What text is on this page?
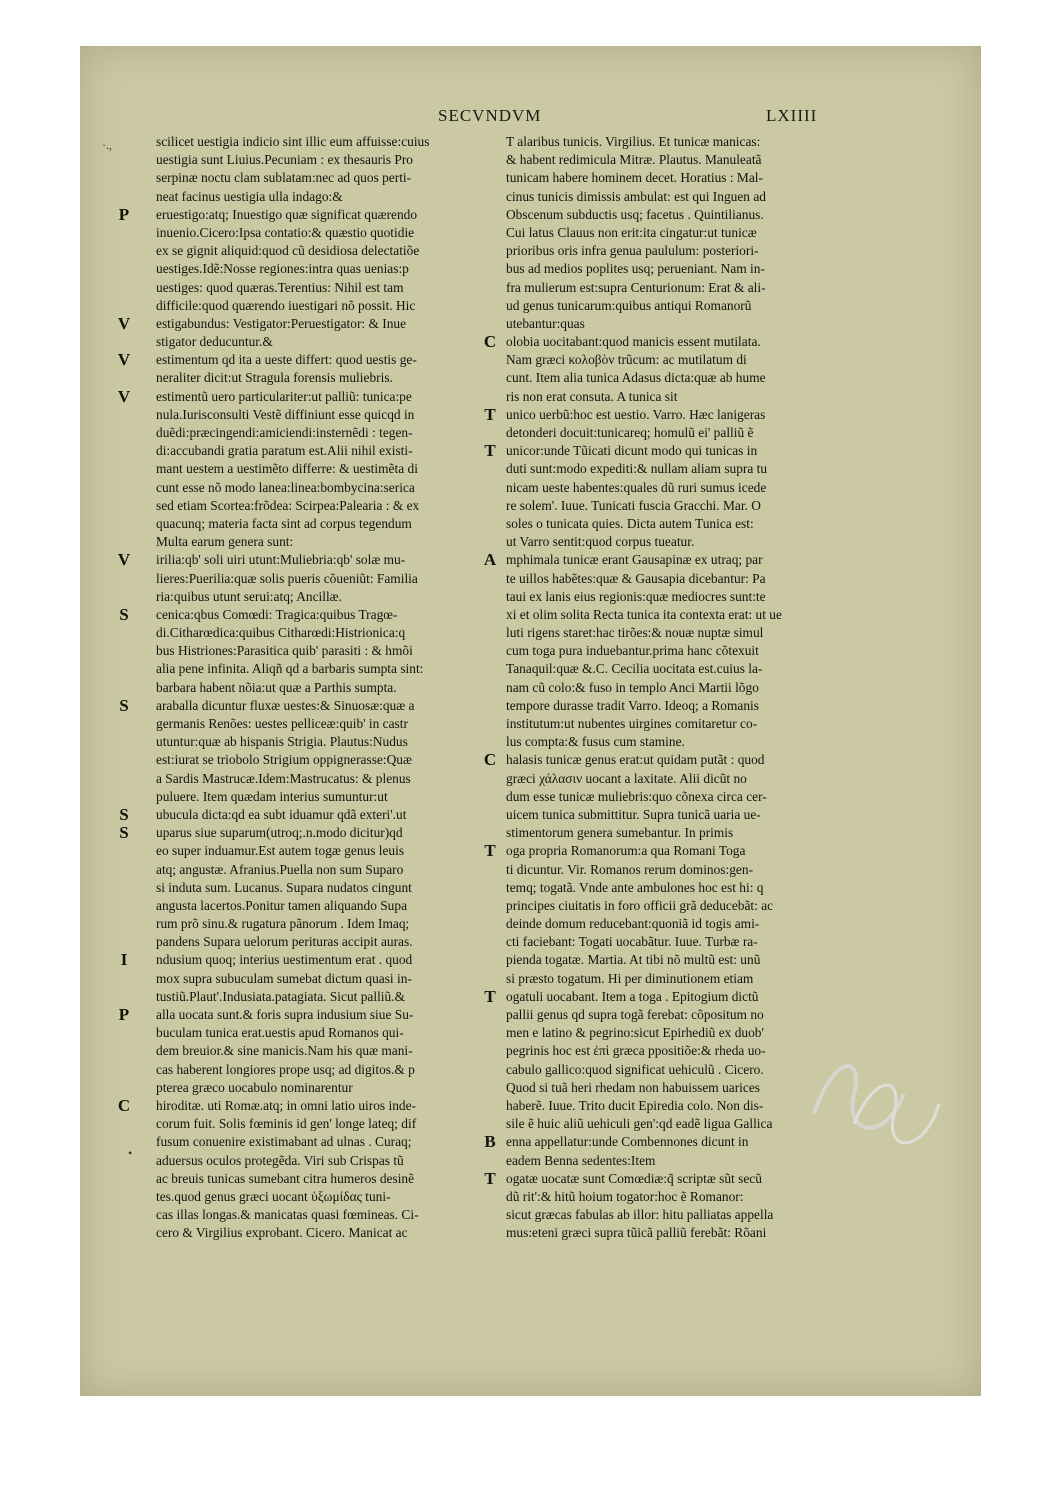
SECVNDVM	LXIIII
scilicet uestigia indicio sint illic eum affuisse:cuius
uestigia sunt Liuius.Pecuniam : ex thesauris Pro
serpinæ noctu clam sublatam:nec ad quos perti-
neat facinus uestigia ulla indago:&
P eruestigo:atq; Inuestigo quæ significat quærendo
inuenio.Cicero:Ipsa contatio:& quæstio quotidie
ex se gignit aliquid:quod cũ desidiosa delectatiõe
uestiges.Idẽ:Nosse regiones:intra quas uenias:p
uestiges: quod quæras.Terentius: Nihil est tam
difficile:quod quærendo iuestigari nõ possit. Hic
V estigabundus: Vestigator:Peruestigator: & Inue
stigator deducuntur.&
V estimentum qd ita a ueste differt: quod uestis ge-
neraliter dicit:ut Stragula forensis muliebris.
V estimentũ uero particulariter:ut palliũ: tunica:pe
nula.Iurisconsulti Vestẽ diffiniunt esse quicqd in
duẽdi:præcingendi:amiciendi:insternẽdi : tegen-
di:accubandi gratia paratum est.Alii nihil existi-
mant uestem a uestimẽto differre: & uestimẽta di
cunt esse nõ modo lanea:linea:bombycina:serica
sed etiam Scortea:frõdea: Scirpea:Palearia : & ex
quacunq; materia facta sint ad corpus tegendum
Multa earum genera sunt:
V irilia:qb' soli uiri utunt:Muliebria:qb' solæ mu-
lieres:Puerilia:quæ solis pueris cõueniũt: Familia
ria:quibus utunt serui:atq; Ancillæ.
S cenica:qbus Comœdi: Tragica:quibus Tragœ-
di.Citharœdica:quibus Citharœdi:Histrionica:q
bus Histriones:Parasitica quib' parasiti : & hmõi
alia pene infinita. Aliqñ qd a barbaris sumpta sint:
barbara habent nõia:ut quæ a Parthis sumpta.
S araballa dicuntur fluxæ uestes:& Sinuosæ:quæ a
germanis Renões: uestes pelliceæ:quib' in castr
utuntur:quæ ab hispanis Strigia. Plautus:Nudus
est:iurat se triobolo Strigium oppignerasse:Quæ
a Sardis Mastrucæ.Idem:Mastrucatus: & plenus
puluere. Item quædam interius sumuntur:ut
S ubucula dicta:qd ea subt iduamur qdã exteri'.ut
S uparus siue suparum(utroq;.n.modo dicitur)qd
eo super induamur.Est autem togæ genus leuis
atq; angustæ. Afranius.Puella non sum Suparo
si induta sum. Lucanus. Supara nudatos cingunt
angusta lacertos.Ponitur tamen aliquando Supa
rum prõ sinu.& rugatura pãnorum . Idem Imaq;
pandens Supara uelorum perituras accipit auras.
I	ndusium quoq; interius uestimentum erat . quod
mox supra subuculam sumebat dictum quasi in-
tustiũ.Plaut'.Indusiata.patagiata. Sicut palliũ.&
P alla uocata sunt.& foris supra indusium siue Su-
buculam tunica erat.uestis apud Romanos qui-
dem breuior.& sine manicis.Nam his quæ mani-
cas haberent longiores prope usq; ad digitos.& p
pterea græco uocabulo nominarentur
C hiroditæ. uti Romæ.atq; in omni latio uiros inde-
corum fuit. Solis fœminis id gen' longe lateq; dif
fusum conuenire existimabant ad ulnas . Curaq;
aduersus oculos protegẽda. Viri sub Crispas tũ
ac breuis tunicas sumebant citra humeros desinẽ
tes.quod genus græci uocant ὑξωμίδας tuni-
cas illas longas.& manicatas quasi fœmineas. Ci-
cero & Virgilius exprobant. Cicero. Manicat ac
T alaribus tunicis. Virgilius. Et tunicæ manicas:
& habent redimicula Mitræ. Plautus. Manuleatã
tunicam habere hominem decet. Horatius : Mal-
cinus tunicis dimissis ambulat: est qui Inguen ad
Obscenum subductis usq; facetus . Quintilianus.
Cui latus Clauus non erit:ita cingatur:ut tunicæ
prioribus oris infra genua paululum: posteriori-
bus ad medios poplites usq; perueniant. Nam in-
fra mulierum est:supra Centurionum: Erat & ali-
ud genus tunicarum:quibus antiqui Romanorũ
utebantur:quas
C olobia uocitabant:quod manicis essent mutilata.
Nam græci κολοβὸν trũcum: ac mutilatum di
cunt. Item alia tunica Adasus dicta:quæ ab hume
ris non erat consuta. A tunica sit
T unico uerbũ:hoc est uestio. Varro. Hæc lanigeras
detonderi docuit:tunicareq; homulũ ei' palliũ ẽ
T unicor:unde Tũicati dicunt modo qui tunicas in
duti sunt:modo expediti:& nullam aliam supra tu
nicam ueste habentes:quales dũ ruri sumus icede
re solem'. Iuue. Tunicati fuscia Gracchi. Mar. O
soles o tunicata quies. Dicta autem Tunica est:
ut Varro sentit:quod corpus tueatur.
A mphimala tunicæ erant Gausapinæ ex utraq; par
te uillos habẽtes:quæ & Gausapia dicebantur: Pa
taui ex lanis eius regionis:quæ mediocres sunt:te
xi et olim solita Recta tunica ita contexta erat: ut ue
luti rigens staret:hac tirões:& nouæ nuptæ simul
cum toga pura induebantur.prima hanc cõtexuit
Tanaquil:quæ &.C. Cecilia uocitata est.cuius la-
nam cũ colo:& fuso in templo Anci Martii lõgo
tempore durasse tradit Varro. Ideoq; a Romanis
institutum:ut nubentes uirgines comitaretur co-
lus compta:& fusus cum stamine.
C halasis tunicæ genus erat:ut quidam putãt : quod
græci χάλασιν uocant a laxitate. Alii dicũt no
dum esse tunicæ muliebris:quo cõnexa circa cer-
uicem tunica submittitur. Supra tunicã uaria ue-
stimentorum genera sumebantur. In primis
T oga propria Romanorum:a qua Romani Toga
ti dicuntur. Vir. Romanos rerum dominos:gen-
temq; togatã. Vnde ante ambulones hoc est hi: q
principes ciuitatis in foro officii grã deducebãt: ac
deinde domum reducebant:quoniã id togis ami-
cti faciebant: Togati uocabãtur. Iuue. Turbæ ra-
pienda togatæ. Martia. At tibi nõ multũ est: unũ
si præsto togatum. Hi per diminutionem etiam
T ogatuli uocabant. Item a toga . Epitogium dictũ
pallii genus qd supra togã ferebat: cõpositum no
men e latino & pegrino:sicut Epirhediũ ex duob'
pegrinis hoc est ἐπὶ græca ppositiõe:& rheda uo-
cabulo gallico:quod significat uehiculũ . Cicero.
Quod si tuã heri rhedam non habuissem uarices
haberẽ. Iuue. Trito ducit Epiredia colo. Non dis-
sile ẽ huic aliũ uehiculi gen':qd eadẽ ligua Gallica
B enna appellatur:unde Combennones dicunt in
eadem Benna sedentes:Item
T ogatæ uocatæ sunt Comœdiæ:q̃ scriptæ sũt secũ
dũ rit':& hitũ hoium togator:hoc ẽ Romanor:
sicut græcas fabulas ab illor: hitu palliatas appella
mus:eteni græci supra tũicã palliũ ferebãt: Rõani
·.,
•
